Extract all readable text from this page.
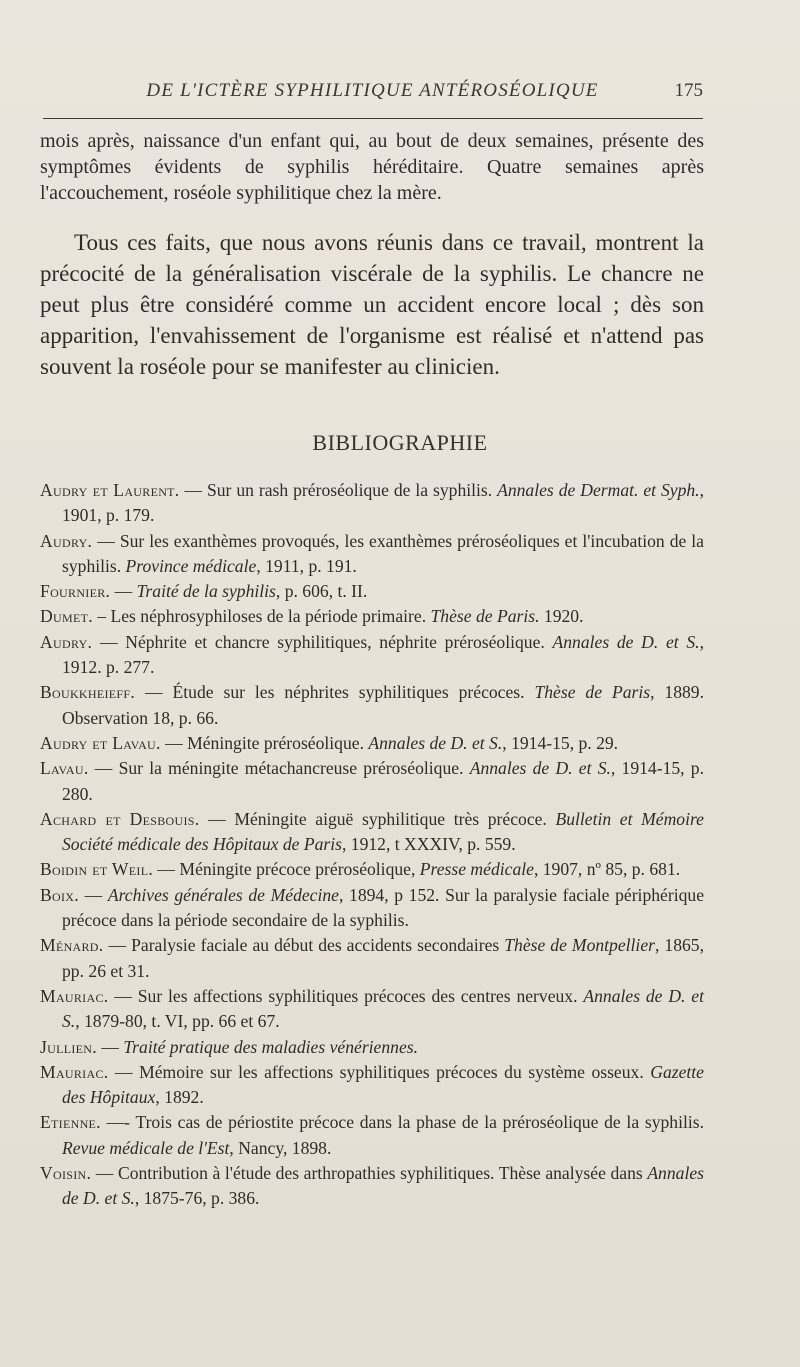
DE L'ICTÈRE SYPHILITIQUE ANTÉROSÉOLIQUE	175

mois après, naissance d'un enfant qui, au bout de deux semaines, présente des symptômes évidents de syphilis héréditaire. Quatre semaines après l'accouchement, roséole syphilitique chez la mère.

Tous ces faits, que nous avons réunis dans ce travail, montrent la précocité de la généralisation viscérale de la syphilis. Le chancre ne peut plus être considéré comme un accident encore local ; dès son apparition, l'envahissement de l'organisme est réalisé et n'attend pas souvent la roséole pour se manifester au clinicien.

BIBLIOGRAPHIE

Audry et Laurent. — Sur un rash préroséolique de la syphilis. Annales de Dermat. et Syph., 1901, p. 179.

Audry. — Sur les exanthèmes provoqués, les exanthèmes préroséoliques et l'incubation de la syphilis. Province médicale, 1911, p. 191.

Fournier. — Traité de la syphilis, p. 606, t. II.

Dumet. – Les néphrosyphiloses de la période primaire. Thèse de Paris. 1920.

Audry. — Néphrite et chancre syphilitiques, néphrite préroséolique. Annales de D. et S., 1912. p. 277.

Boukkheieff. — Étude sur les néphrites syphilitiques précoces. Thèse de Paris, 1889. Observation 18, p. 66.

Audry et Lavau. — Méningite préroséolique. Annales de D. et S., 1914-15, p. 29.

Lavau. — Sur la méningite métachancreuse préroséolique. Annales de D. et S., 1914-15, p. 280.

Achard et Desbouis. — Méningite aiguë syphilitique très précoce. Bulletin et Mémoire Société médicale des Hôpitaux de Paris, 1912, t XXXIV, p. 559.

Boidin et Weil. — Méningite précoce préroséolique, Presse médicale, 1907, nº 85, p. 681.

Boix. — Archives générales de Médecine, 1894, p 152. Sur la paralysie faciale périphérique précoce dans la période secondaire de la syphilis.

Ménard. — Paralysie faciale au début des accidents secondaires Thèse de Montpellier, 1865, pp. 26 et 31.

Mauriac. — Sur les affections syphilitiques précoces des centres nerveux. Annales de D. et S., 1879-80, t. VI, pp. 66 et 67.

Jullien. — Traité pratique des maladies vénériennes.

Mauriac. — Mémoire sur les affections syphilitiques précoces du système osseux. Gazette des Hôpitaux, 1892.

Etienne. —- Trois cas de périostite précoce dans la phase de la préroséolique de la syphilis. Revue médicale de l'Est, Nancy, 1898.

Voisin. — Contribution à l'étude des arthropathies syphilitiques. Thèse analysée dans Annales de D. et S., 1875-76, p. 386.
